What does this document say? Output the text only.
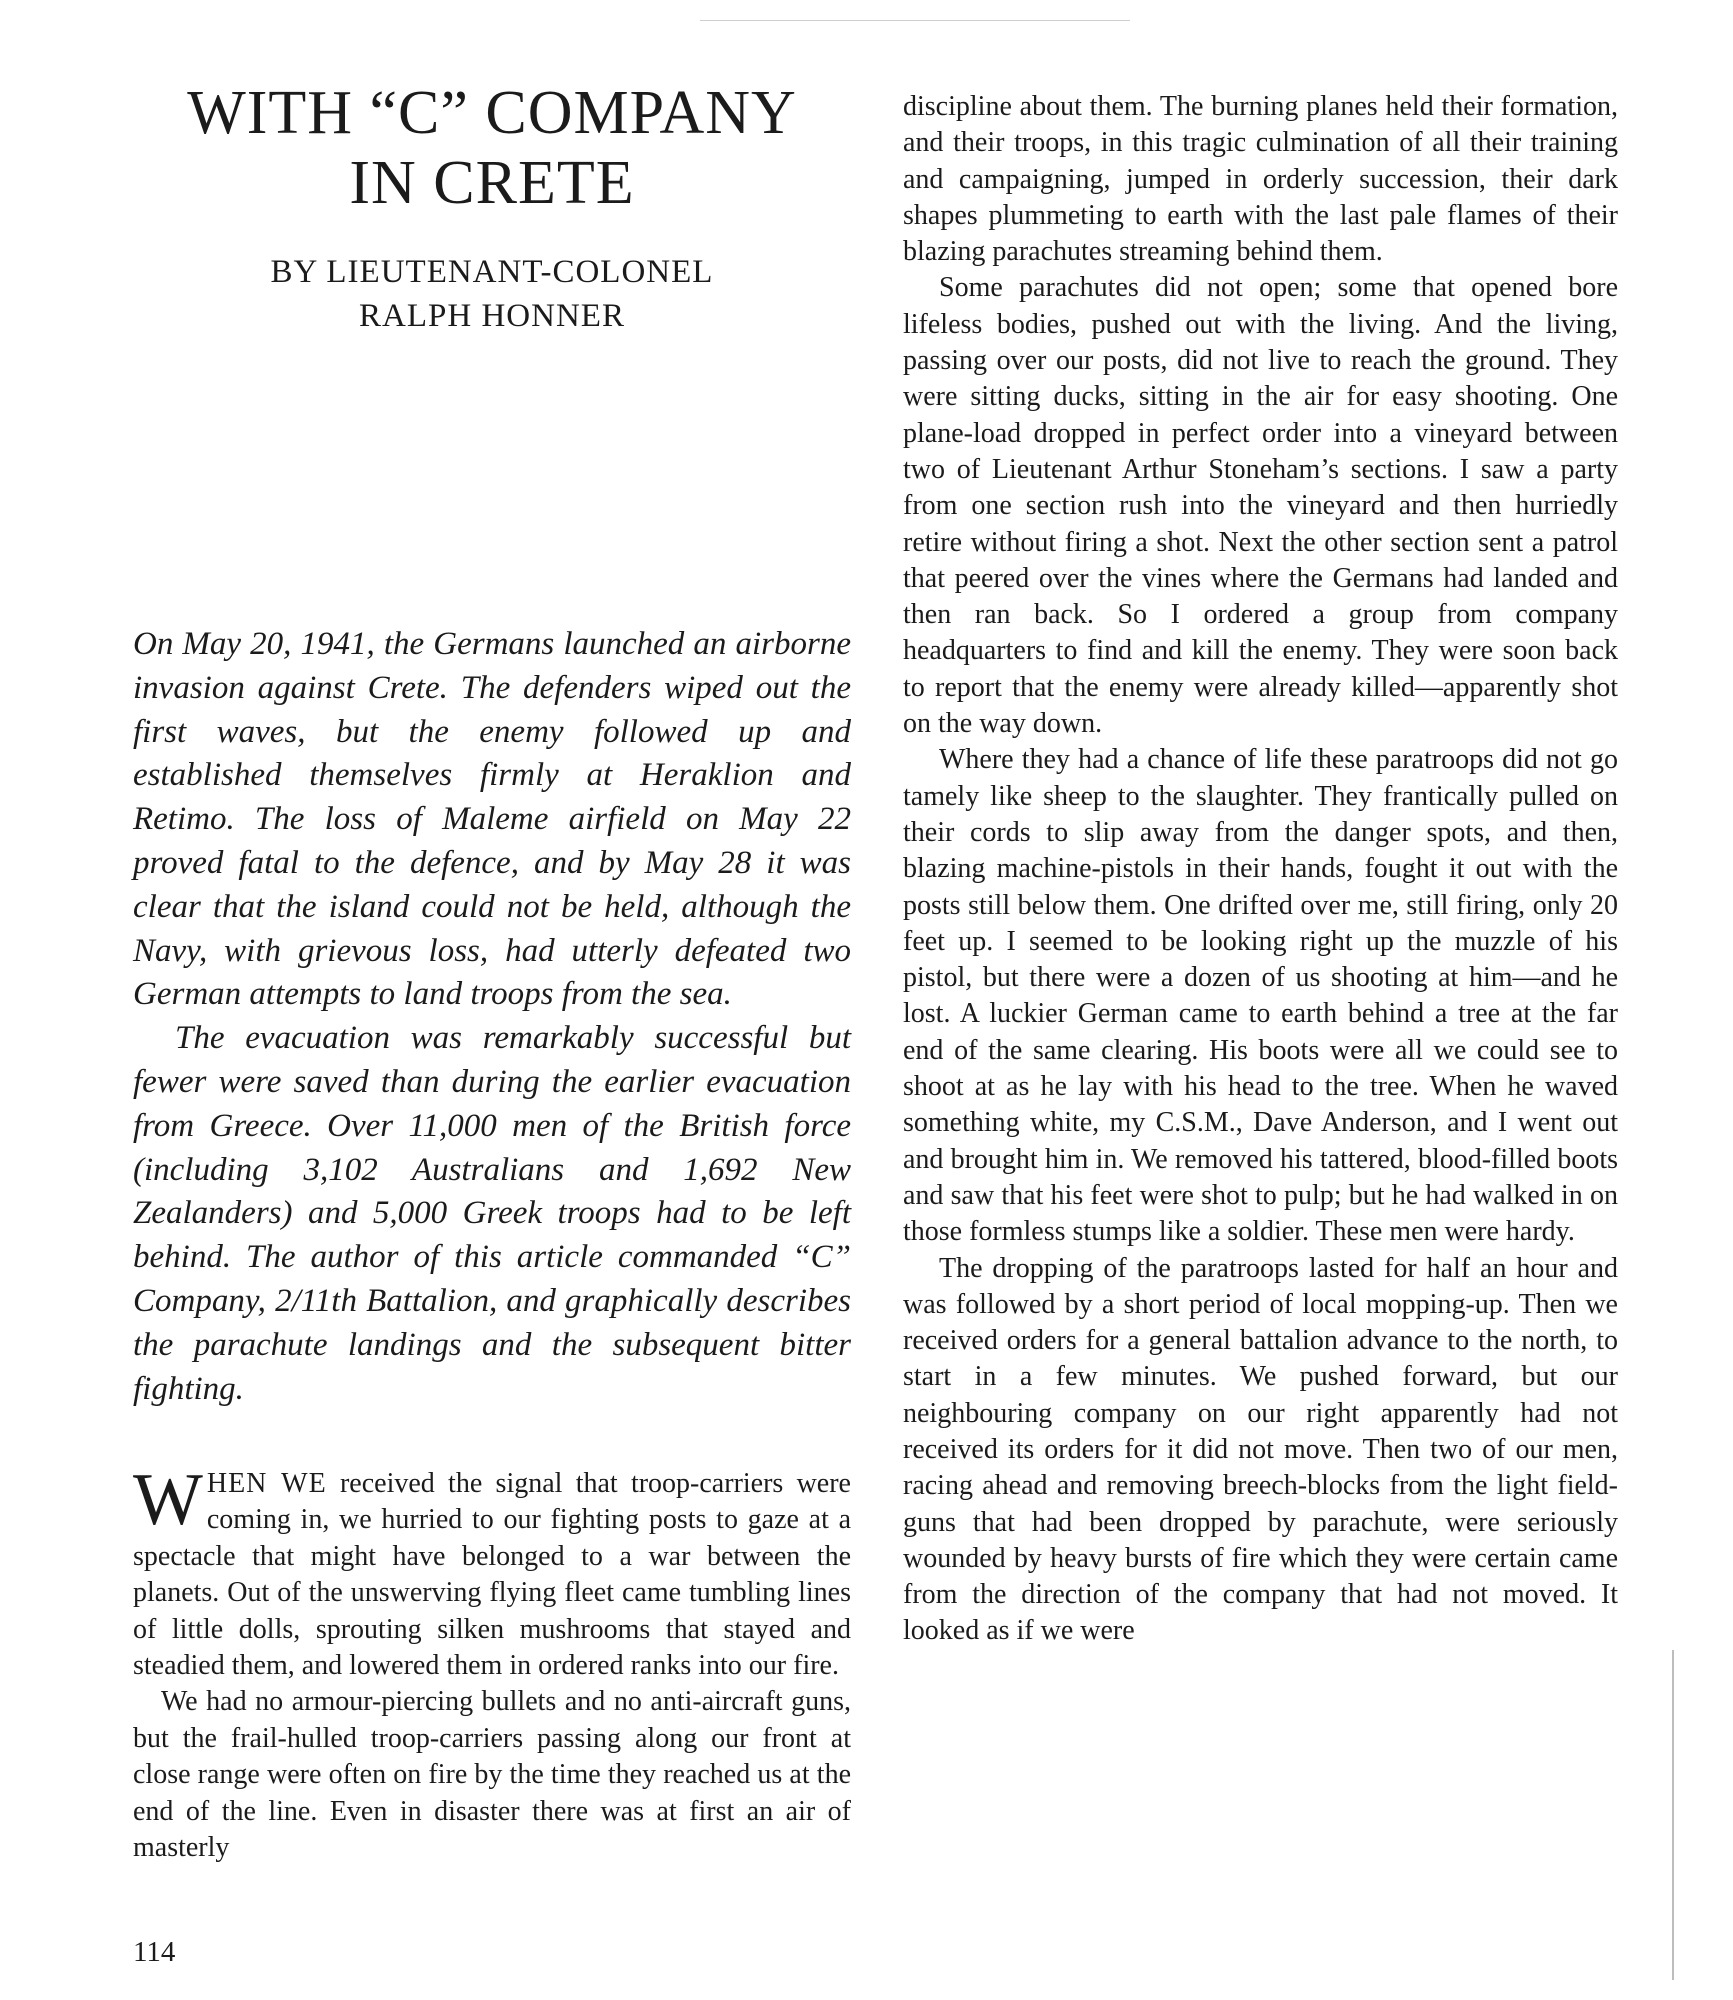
WITH “C” COMPANY
IN CRETE
BY LIEUTENANT-COLONEL
RALPH HONNER

On May 20, 1941, the Germans launched an airborne invasion against Crete. The defenders wiped out the first waves, but the enemy followed up and established themselves firmly at Heraklion and Retimo. The loss of Maleme airfield on May 22 proved fatal to the defence, and by May 28 it was clear that the island could not be held, although the Navy, with grievous loss, had utterly defeated two German attempts to land troops from the sea.

The evacuation was remarkably successful but fewer were saved than during the earlier evacuation from Greece. Over 11,000 men of the British force (including 3,102 Australians and 1,692 New Zealanders) and 5,000 Greek troops had to be left behind. The author of this article commanded “C” Company, 2/11th Battalion, and graphically describes the parachute landings and the subsequent bitter fighting.

WHEN WE received the signal that troop-carriers were coming in, we hurried to our fighting posts to gaze at a spectacle that might have belonged to a war between the planets. Out of the unswerving flying fleet came tumbling lines of little dolls, sprouting silken mushrooms that stayed and steadied them, and lowered them in ordered ranks into our fire.

We had no armour-piercing bullets and no anti-aircraft guns, but the frail-hulled troop-carriers passing along our front at close range were often on fire by the time they reached us at the end of the line. Even in disaster there was at first an air of masterly

discipline about them. The burning planes held their formation, and their troops, in this tragic culmination of all their training and campaigning, jumped in orderly succession, their dark shapes plummeting to earth with the last pale flames of their blazing parachutes streaming behind them.

Some parachutes did not open; some that opened bore lifeless bodies, pushed out with the living. And the living, passing over our posts, did not live to reach the ground. They were sitting ducks, sitting in the air for easy shooting. One plane-load dropped in perfect order into a vineyard between two of Lieutenant Arthur Stoneham’s sections. I saw a party from one section rush into the vineyard and then hurriedly retire without firing a shot. Next the other section sent a patrol that peered over the vines where the Germans had landed and then ran back. So I ordered a group from company headquarters to find and kill the enemy. They were soon back to report that the enemy were already killed—apparently shot on the way down.

Where they had a chance of life these paratroops did not go tamely like sheep to the slaughter. They frantically pulled on their cords to slip away from the danger spots, and then, blazing machine-pistols in their hands, fought it out with the posts still below them. One drifted over me, still firing, only 20 feet up. I seemed to be looking right up the muzzle of his pistol, but there were a dozen of us shooting at him—and he lost. A luckier German came to earth behind a tree at the far end of the same clearing. His boots were all we could see to shoot at as he lay with his head to the tree. When he waved something white, my C.S.M., Dave Anderson, and I went out and brought him in. We removed his tattered, blood-filled boots and saw that his feet were shot to pulp; but he had walked in on those formless stumps like a soldier. These men were hardy.

The dropping of the paratroops lasted for half an hour and was followed by a short period of local mopping-up. Then we received orders for a general battalion advance to the north, to start in a few minutes. We pushed forward, but our neighbouring company on our right apparently had not received its orders for it did not move. Then two of our men, racing ahead and removing breech-blocks from the light field-guns that had been dropped by parachute, were seriously wounded by heavy bursts of fire which they were certain came from the direction of the company that had not moved. It looked as if we were

114
